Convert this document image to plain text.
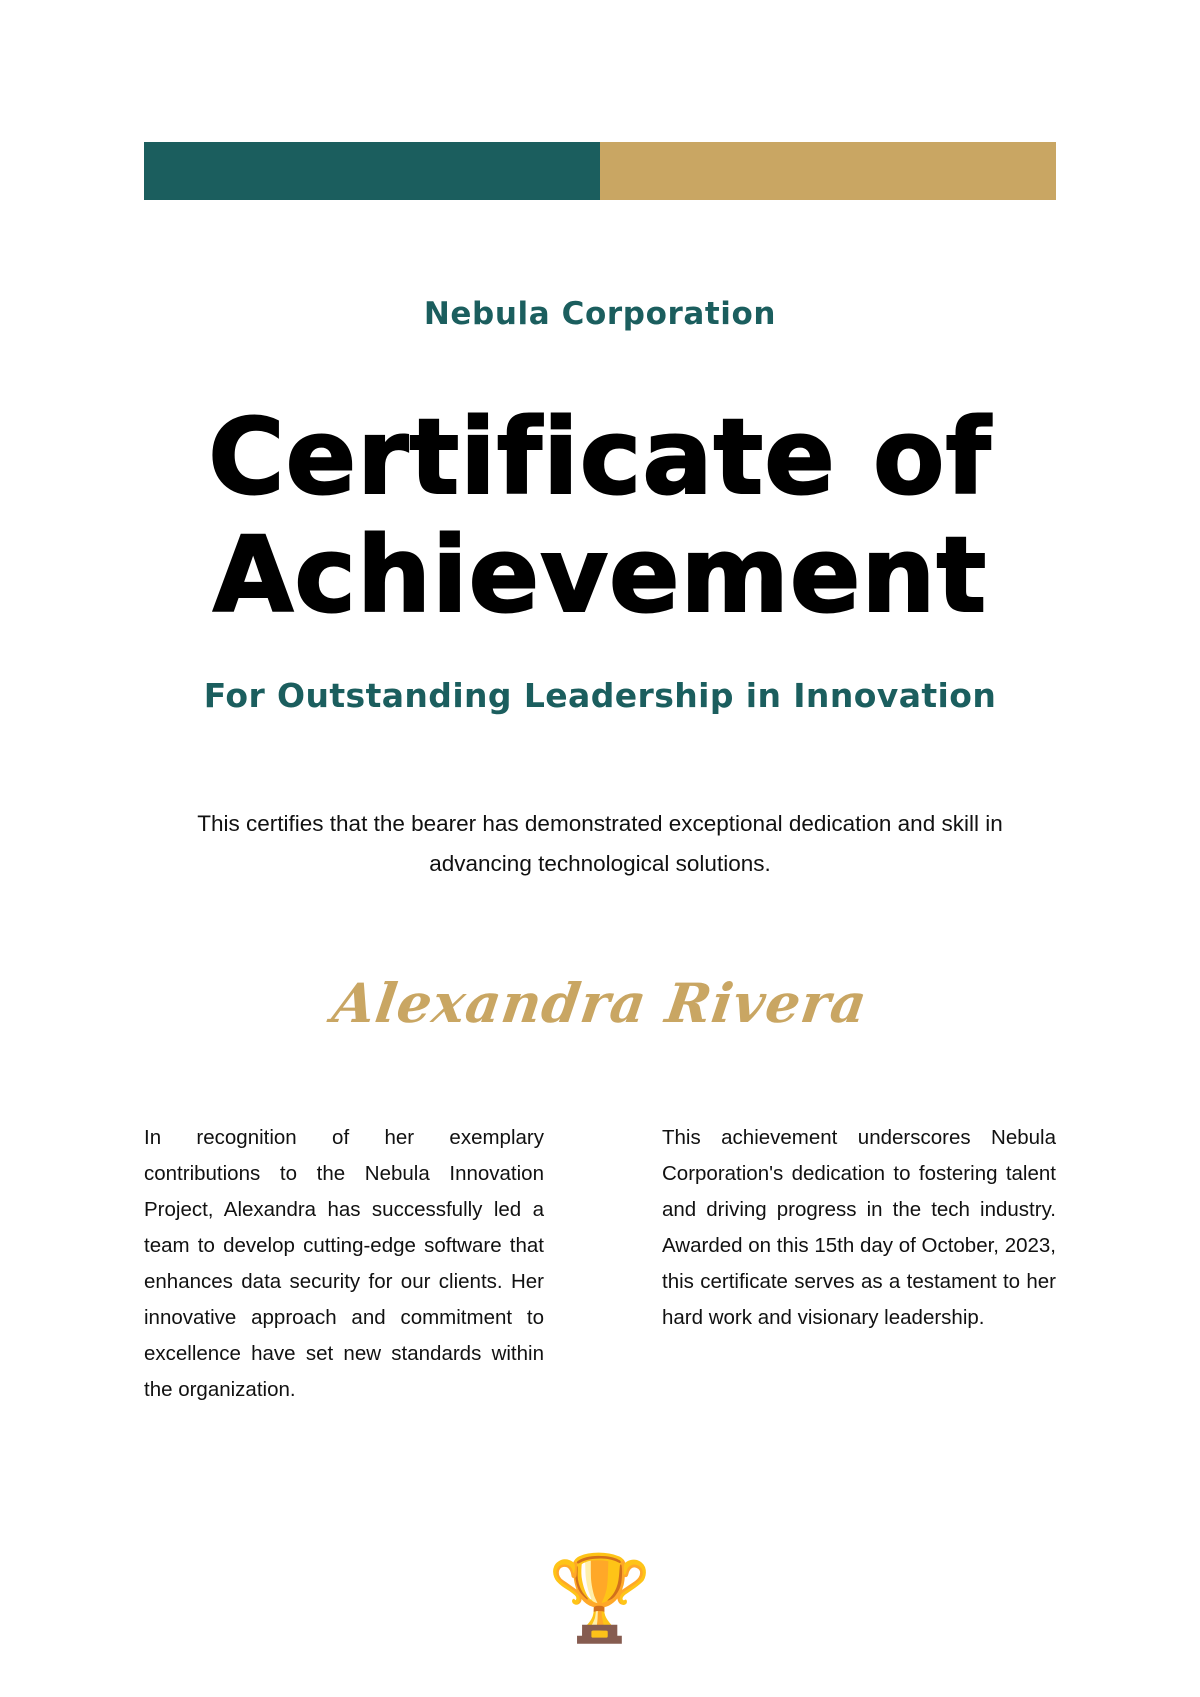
Nebula Corporation
Certificate of
Achievement
For Outstanding Leadership in Innovation

This certifies that the bearer has demonstrated exceptional dedication and skill in advancing technological solutions.

Alexandra Rivera

In recognition of her exemplary contributions to the Nebula Innovation Project, Alexandra has successfully led a team to develop cutting-edge software that enhances data security for our clients. Her innovative approach and commitment to excellence have set new standards within the organization.

This achievement underscores Nebula Corporation's dedication to fostering talent and driving progress in the tech industry. Awarded on this 15th day of October, 2023, this certificate serves as a testament to her hard work and visionary leadership.

🏆
